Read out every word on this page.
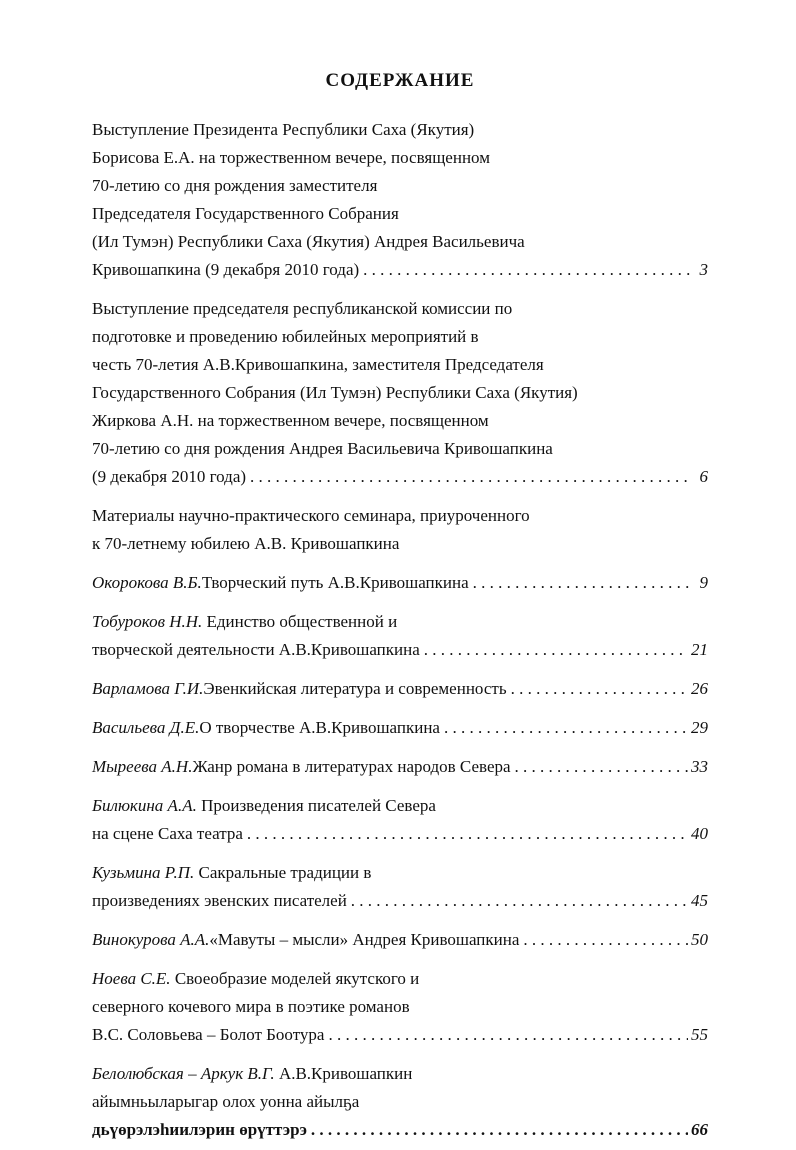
СОДЕРЖАНИЕ
Выступление Президента Республики Саха (Якутия)
Борисова Е.А. на торжественном вечере, посвященном
70-летию со дня рождения заместителя
Председателя Государственного Собрания
(Ил Тумэн) Республики Саха (Якутия) Андрея Васильевича
Кривошапкина (9 декабря 2010 года) . . .	3
Выступление председателя республиканской комиссии по
подготовке и проведению юбилейных мероприятий в
честь 70-летия А.В.Кривошапкина, заместителя Председателя
Государственного Собрания (Ил Тумэн) Республики Саха (Якутия)
Жиркова А.Н. на торжественном вечере, посвященном
70-летию со дня рождения Андрея Васильевича Кривошапкина
(9 декабря 2010 года) . . .	6
Материалы научно-практического семинара, приуроченного
к 70-летнему юбилею А.В. Кривошапкина
Окорокова В.Б. Творческий путь А.В.Кривошапкина . . .	9
Тобуроков Н.Н. Единство общественной и
творческой деятельности А.В.Кривошапкина . . .	21
Варламова Г.И. Эвенкийская литература и современность . . .	26
Васильева Д.Е. О творчестве А.В.Кривошапкина . . .	29
Мыреева А.Н. Жанр романа в литературах народов Севера . . .	33
Билюкина А.А. Произведения писателей Севера
на сцене Саха театра . . .	40
Кузьмина Р.П. Сакральные традиции в
произведениях эвенских писателей . . .	45
Винокурова А.А. «Мавуты – мысли» Андрея Кривошапкина . . .	50
Ноева С.Е. Своеобразие моделей якутского и
северного кочевого мира в поэтике романов
В.С. Соловьева – Болот Боотура . . .	55
Белолюбская – Аркук В.Г. А.В.Кривошапкин
айымньыларыгар олох уонна айылҕа
дьүөрэлэһиилэрин өрүттэрэ . . .	66
